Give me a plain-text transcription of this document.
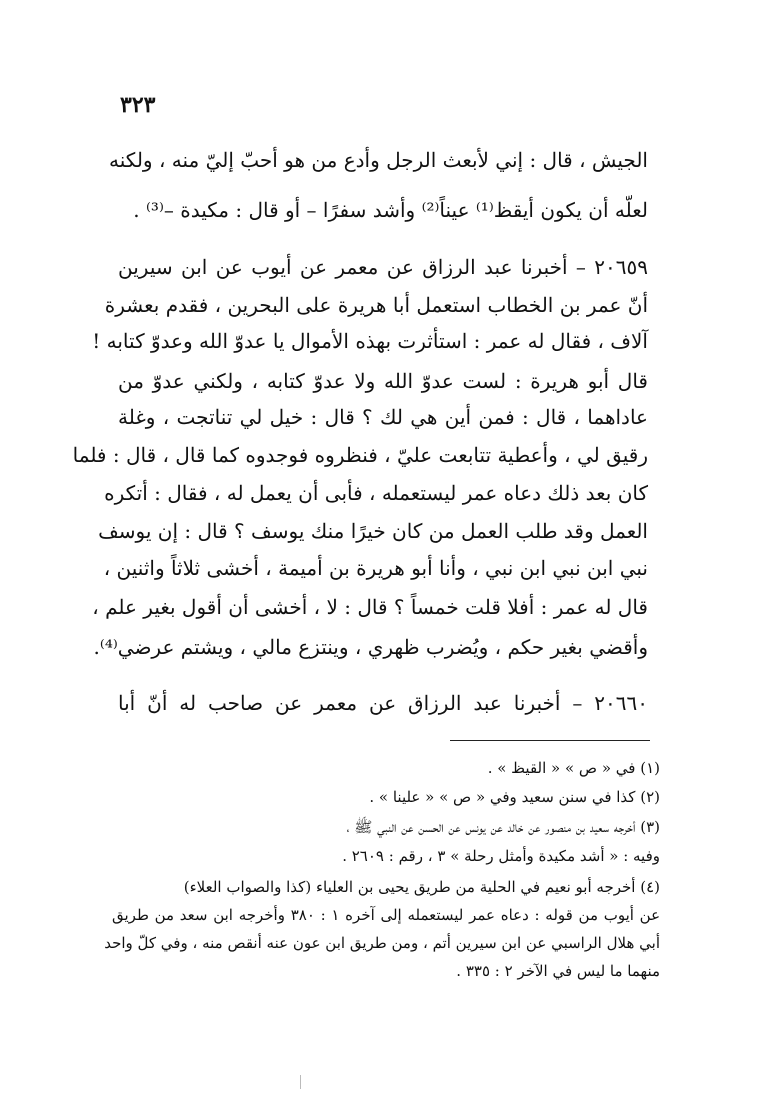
٣٢٣
الجيش ، قال : إني لأبعث الرجل وأدع من هو أحبّ إليّ منه ، ولكنه
لعلّه أن يكون أيقظ⁽¹⁾ عيناً⁽²⁾ وأشد سفرًا – أو قال : مكيدة –⁽³⁾ .
٢٠٦٥٩ – أخبرنا عبد الرزاق عن معمر عن أيوب عن ابن سيرين
أنّ عمر بن الخطاب استعمل أبا هريرة على البحرين ، فقدم بعشرة
آلاف ، فقال له عمر : استأثرت بهذه الأموال يا عدوّ الله وعدوّ كتابه !
قال أبو هريرة : لست عدوّ الله ولا عدوّ كتابه ، ولكني عدوّ من
عاداهما ، قال : فمن أين هي لك ؟ قال : خيل لي تناتجت ، وغلة
رقيق لي ، وأعطية تتابعت عليّ ، فنظروه فوجدوه كما قال ، قال : فلما
كان بعد ذلك دعاه عمر ليستعمله ، فأبى أن يعمل له ، فقال : أتكره
العمل وقد طلب العمل من كان خيرًا منك يوسف ؟ قال : إن يوسف
نبي ابن نبي ابن نبي ، وأنا أبو هريرة بن أميمة ، أخشى ثلاثاً واثنين ،
قال له عمر : أفلا قلت خمساً ؟ قال : لا ، أخشى أن أقول بغير علم ،
وأقضي بغير حكم ، ويُضرب ظهري ، وينتزع مالي ، ويشتم عرضي⁽⁴⁾.
٢٠٦٦٠ – أخبرنا عبد الرزاق عن معمر عن صاحب له أنّ أبا
(١) في « ص » « القيظ » .
(٢) كذا في سنن سعيد وفي « ص » « علينا » .
(٣) أخرجه سعيد بن منصور عن خالد عن يونس عن الحسن عن النبي ﷺ ،
وفيه : « أشد مكيدة وأمثل رحلة » ٣ ، رقم : ٢٦٠٩ .
(٤) أخرجه أبو نعيم في الحلية من طريق يحيى بن العلياء (كذا والصواب العلاء)
عن أيوب من قوله : دعاه عمر ليستعمله إلى آخره ١ : ٣٨٠ وأخرجه ابن سعد من طريق
أبي هلال الراسبي عن ابن سيرين أتم ، ومن طريق ابن عون عنه أنقص منه ، وفي كلّ واحد
منهما ما ليس في الآخر ٢ : ٣٣٥ .
